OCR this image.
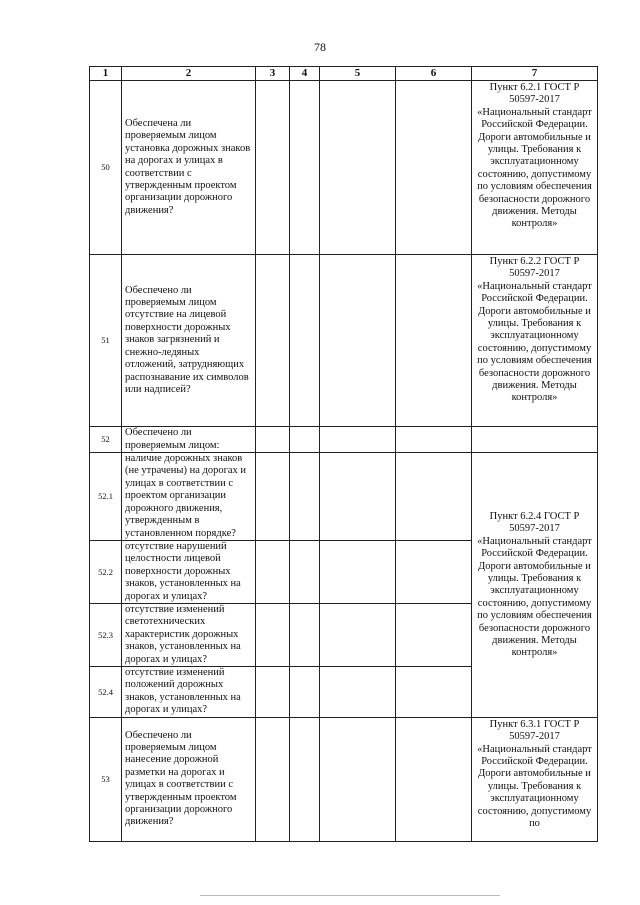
78
1	2	3	4	5	6	7
50	Обеспечена ли проверяемым лицом установка дорожных знаков на дорогах и улицах в соответствии с утвержденным проектом организации дорожного движения?					Пункт 6.2.1 ГОСТ Р 50597-2017 «Национальный стандарт Российской Федерации. Дороги автомобильные и улицы. Требования к эксплуатационному состоянию, допустимому по условиям обеспечения безопасности дорожного движения. Методы контроля»
51	Обеспечено ли проверяемым лицом отсутствие на лицевой поверхности дорожных знаков загрязнений и снежно-ледяных отложений, затрудняющих распознавание их символов или надписей?					Пункт 6.2.2 ГОСТ Р 50597-2017 «Национальный стандарт Российской Федерации. Дороги автомобильные и улицы. Требования к эксплуатационному состоянию, допустимому по условиям обеспечения безопасности дорожного движения. Методы контроля»
52	Обеспечено ли проверяемым лицом:					
52.1	наличие дорожных знаков (не утрачены) на дорогах и улицах в соответствии с проектом организации дорожного движения, утвержденным в установленном порядке?					Пункт 6.2.4 ГОСТ Р 50597-2017 «Национальный стандарт Российской Федерации. Дороги автомобильные и улицы. Требования к эксплуатационному состоянию, допустимому по условиям обеспечения безопасности дорожного движения. Методы контроля»
52.2	отсутствие нарушений целостности лицевой поверхности дорожных знаков, установленных на дорогах и улицах?					
52.3	отсутствие изменений светотехнических характеристик дорожных знаков, установленных на дорогах и улицах?					
52.4	отсутствие изменений положений дорожных знаков, установленных на дорогах и улицах?					
53	Обеспечено ли проверяемым лицом нанесение дорожной разметки на дорогах и улицах в соответствии с утвержденным проектом организации дорожного движения?					Пункт 6.3.1 ГОСТ Р 50597-2017 «Национальный стандарт Российской Федерации. Дороги автомобильные и улицы. Требования к эксплуатационному состоянию, допустимому по
